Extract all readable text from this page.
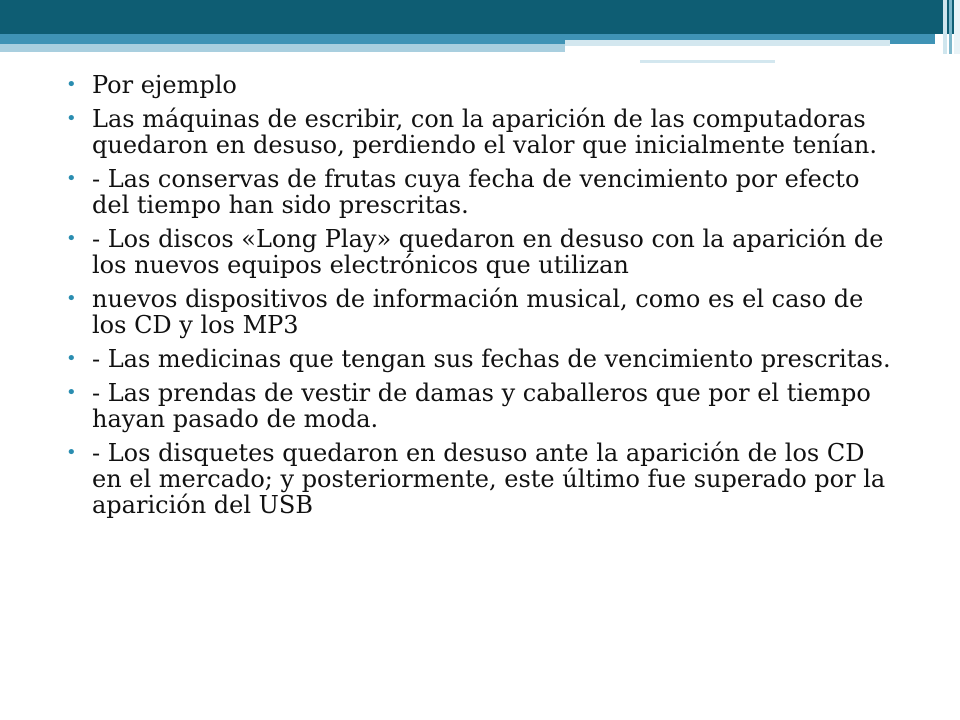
• Por ejemplo
• Las máquinas de escribir, con la aparición de las computadoras quedaron en desuso, perdiendo el valor que inicialmente tenían.
• - Las conservas de frutas cuya fecha de vencimiento por efecto del tiempo han sido prescritas.
• - Los discos «Long Play» quedaron en desuso con la aparición de los nuevos equipos electrónicos que utilizan
• nuevos dispositivos de información musical, como es el caso de los CD y los MP3
• - Las medicinas que tengan sus fechas de vencimiento prescritas.
• - Las prendas de vestir de damas y caballeros que por el tiempo hayan pasado de moda.
• - Los disquetes quedaron en desuso ante la aparición de los CD en el mercado; y posteriormente, este último fue superado por la aparición del USB
